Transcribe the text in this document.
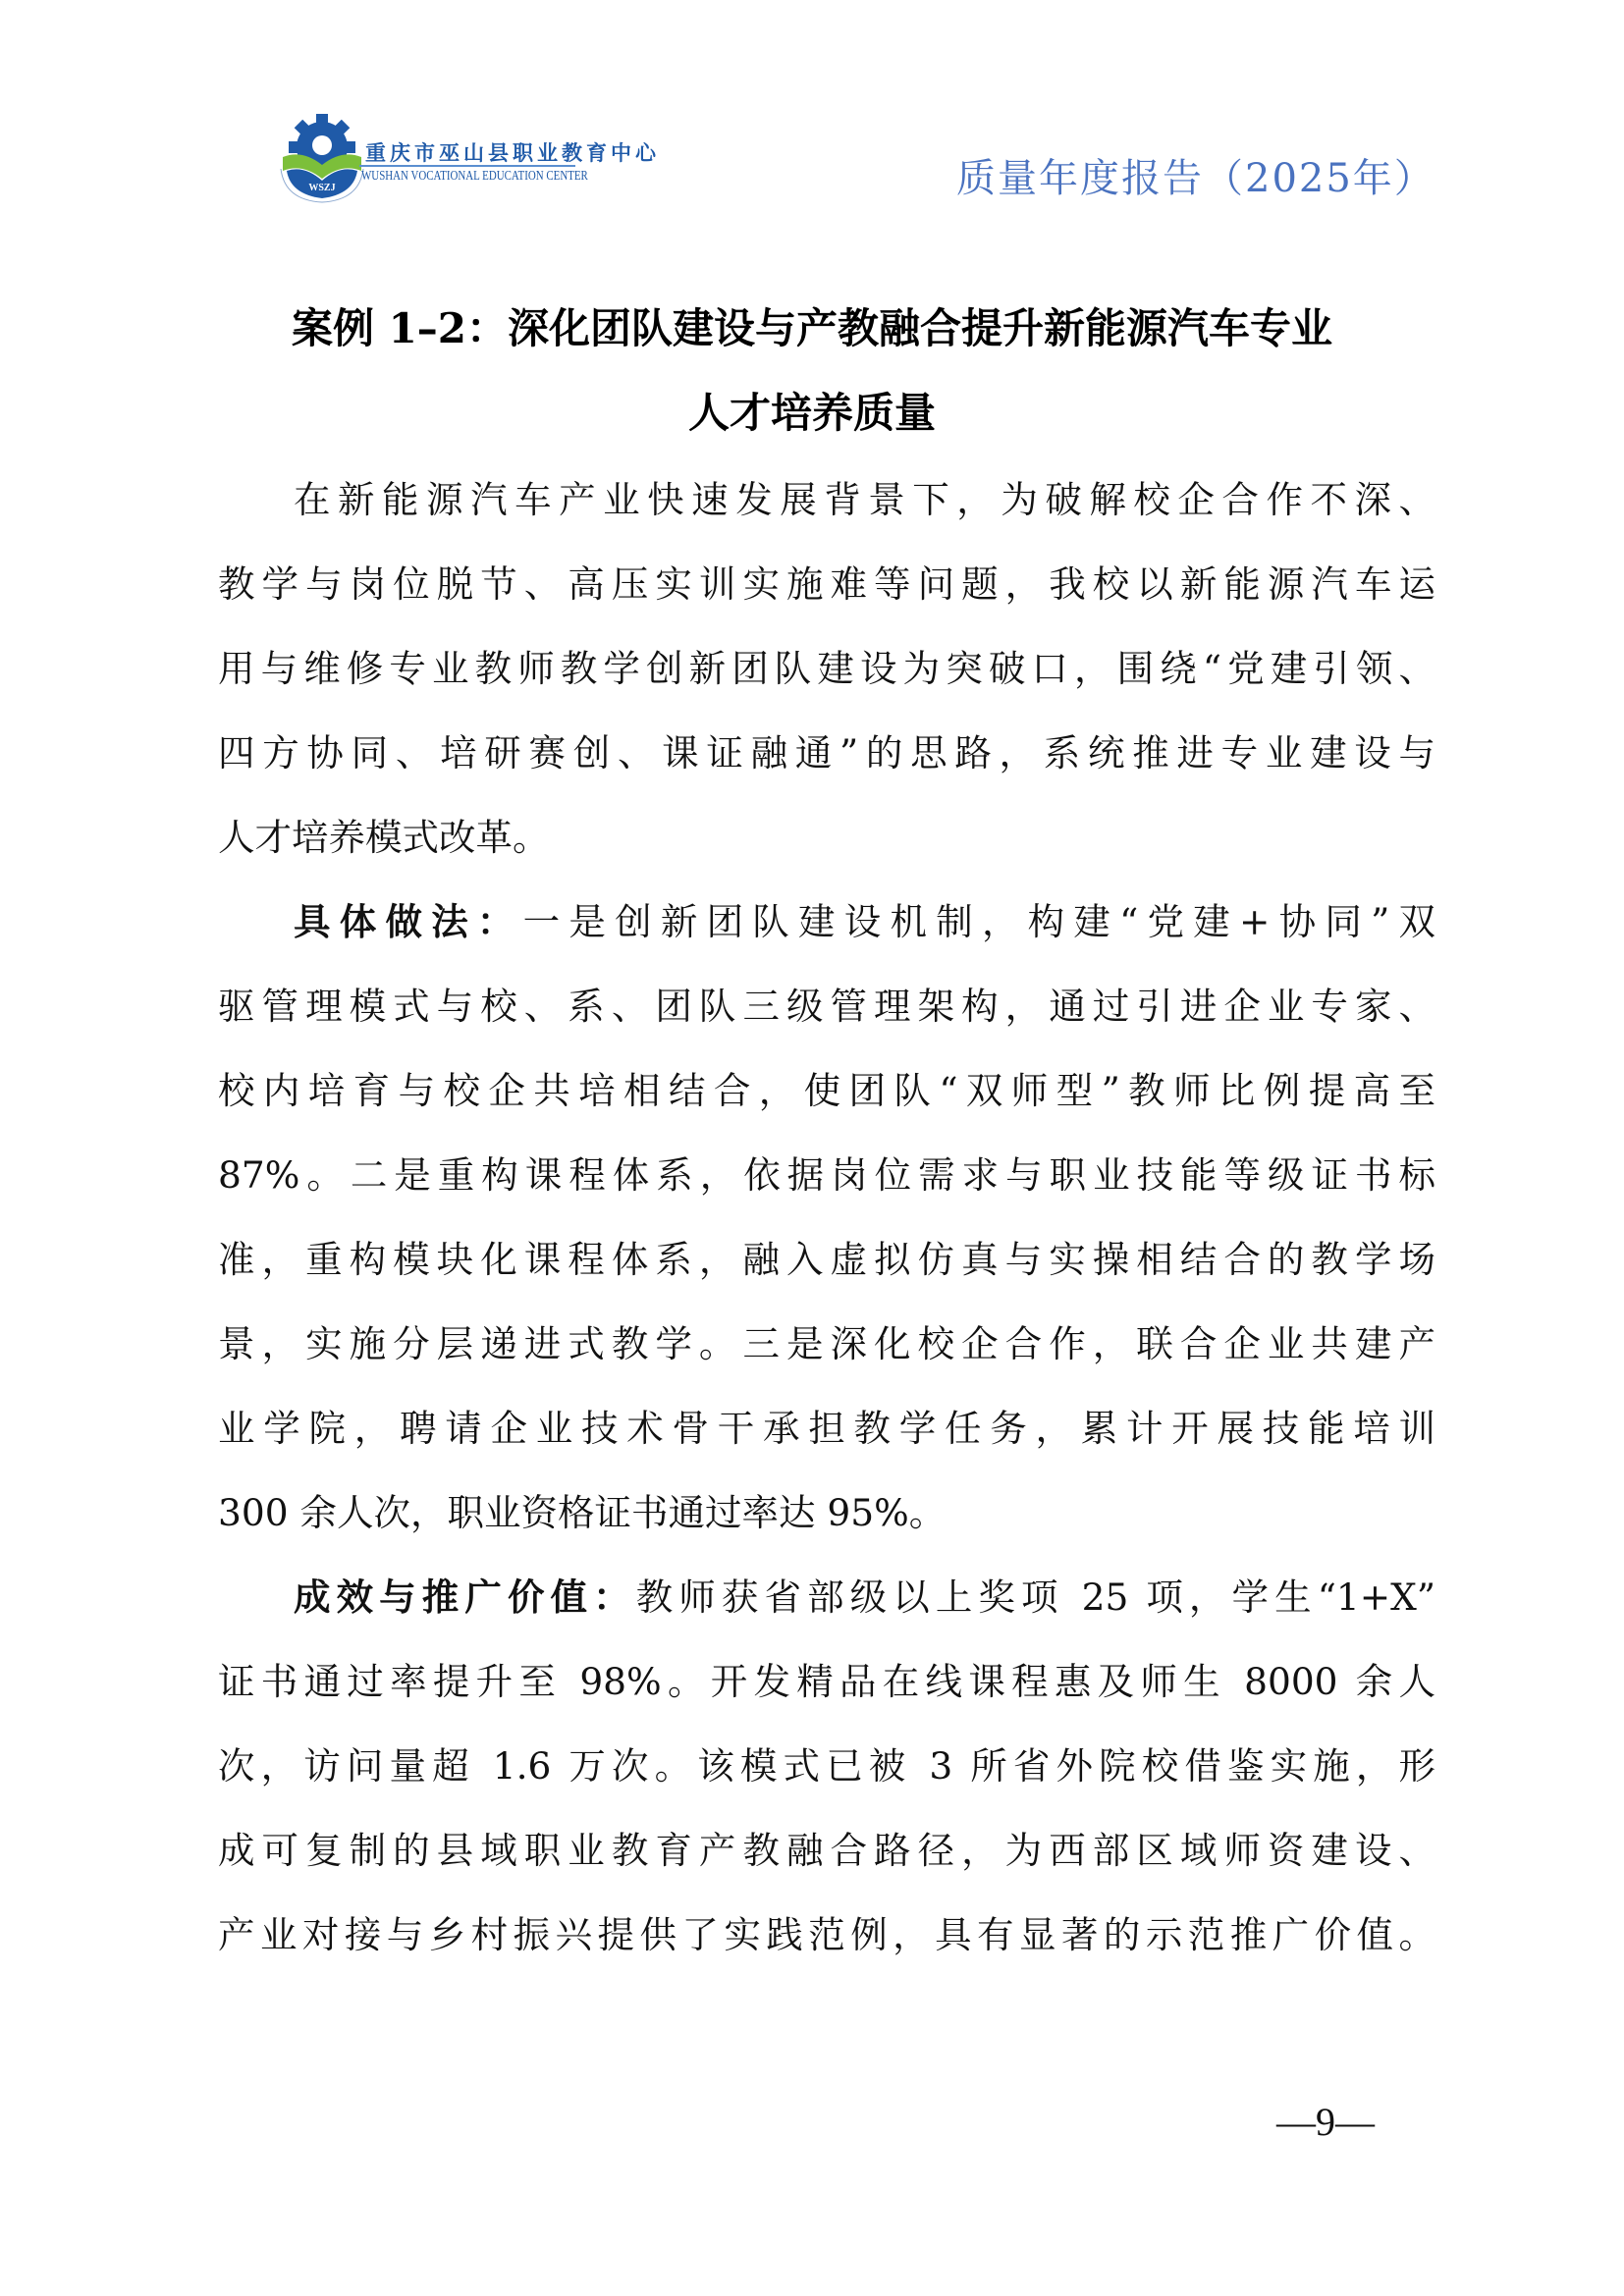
WSZJ
重庆市巫山县职业教育中心
WUSHAN VOCATIONAL EDUCATION CENTER	质量年度报告（2025年）
案例 1–2：深化团队建设与产教融合提升新能源汽车专业
人才培养质量
在新能源汽车产业快速发展背景下，为破解校企合作不深、
教学与岗位脱节、高压实训实施难等问题，我校以新能源汽车运
用与维修专业教师教学创新团队建设为突破口，围绕“党建引领、
四方协同、培研赛创、课证融通”的思路，系统推进专业建设与
人才培养模式改革。
具体做法：一是创新团队建设机制，构建“党建+协同”双
驱管理模式与校、系、团队三级管理架构，通过引进企业专家、
校内培育与校企共培相结合，使团队“双师型”教师比例提高至
87%。二是重构课程体系，依据岗位需求与职业技能等级证书标
准，重构模块化课程体系，融入虚拟仿真与实操相结合的教学场
景，实施分层递进式教学。三是深化校企合作，联合企业共建产
业学院，聘请企业技术骨干承担教学任务，累计开展技能培训
300 余人次，职业资格证书通过率达 95%。
成效与推广价值：教师获省部级以上奖项 25 项，学生“1+X”
证书通过率提升至 98%。开发精品在线课程惠及师生 8000 余人
次，访问量超 1.6 万次。该模式已被 3 所省外院校借鉴实施，形
成可复制的县域职业教育产教融合路径，为西部区域师资建设、
产业对接与乡村振兴提供了实践范例，具有显著的示范推广价值。
—9—
